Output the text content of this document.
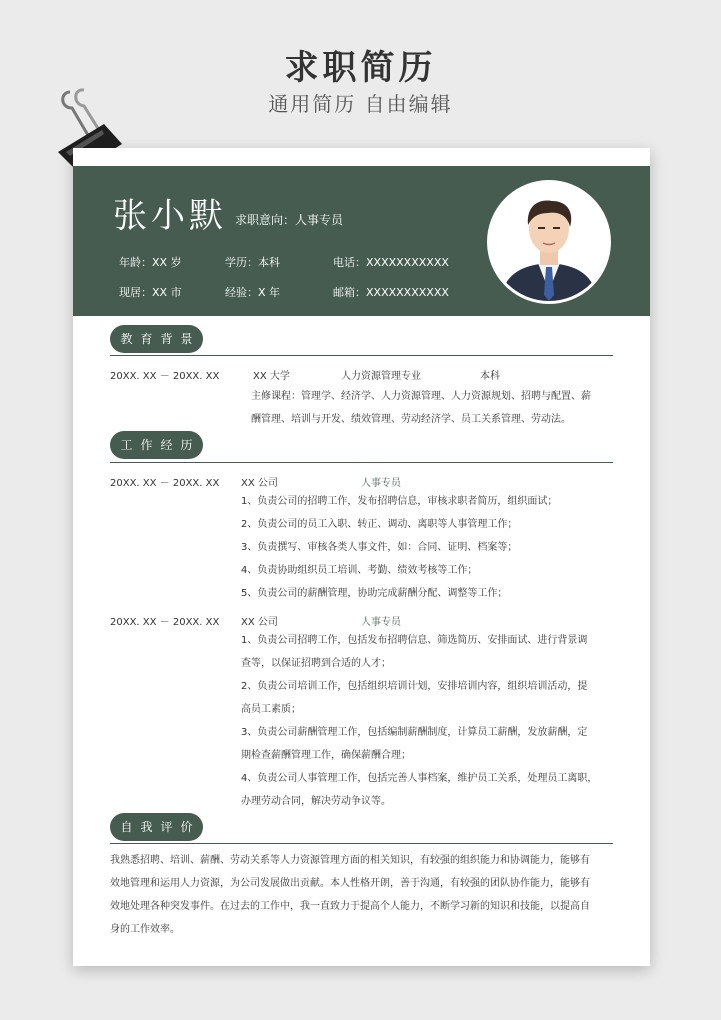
求职简历
通用简历 自由编辑
张小默 求职意向：人事专员
年龄：XX 岁	学历：本科	电话：XXXXXXXXXXX
现居：XX 市	经验：X 年	邮箱：XXXXXXXXXXX
教育背景
20XX. XX － 20XX. XX	XX 大学	人力资源管理专业	本科
主修课程：管理学、经济学、人力资源管理、人力资源规划、招聘与配置、薪
酬管理、培训与开发、绩效管理、劳动经济学、员工关系管理、劳动法。
工作经历
20XX. XX － 20XX. XX XX 公司	人事专员
1、负责公司的招聘工作，发布招聘信息，审核求职者简历，组织面试；
2、负责公司的员工入职、转正、调动、离职等人事管理工作；
3、负责撰写、审核各类人事文件，如：合同、证明、档案等；
4、负责协助组织员工培训、考勤、绩效考核等工作；
5、负责公司的薪酬管理，协助完成薪酬分配、调整等工作；
20XX. XX － 20XX. XX XX 公司	人事专员
1、负责公司招聘工作，包括发布招聘信息、筛选简历、安排面试、进行背景调
查等，以保证招聘到合适的人才；
2、负责公司培训工作，包括组织培训计划，安排培训内容，组织培训活动，提
高员工素质；
3、负责公司薪酬管理工作，包括编制薪酬制度，计算员工薪酬，发放薪酬，定
期检查薪酬管理工作，确保薪酬合理；
4、负责公司人事管理工作，包括完善人事档案，维护员工关系，处理员工离职，
办理劳动合同，解决劳动争议等。
自我评价
我熟悉招聘、培训、薪酬、劳动关系等人力资源管理方面的相关知识，有较强的组织能力和协调能力，能够有
效地管理和运用人力资源，为公司发展做出贡献。本人性格开朗，善于沟通，有较强的团队协作能力，能够有
效地处理各种突发事件。在过去的工作中，我一直致力于提高个人能力，不断学习新的知识和技能，以提高自
身的工作效率。
